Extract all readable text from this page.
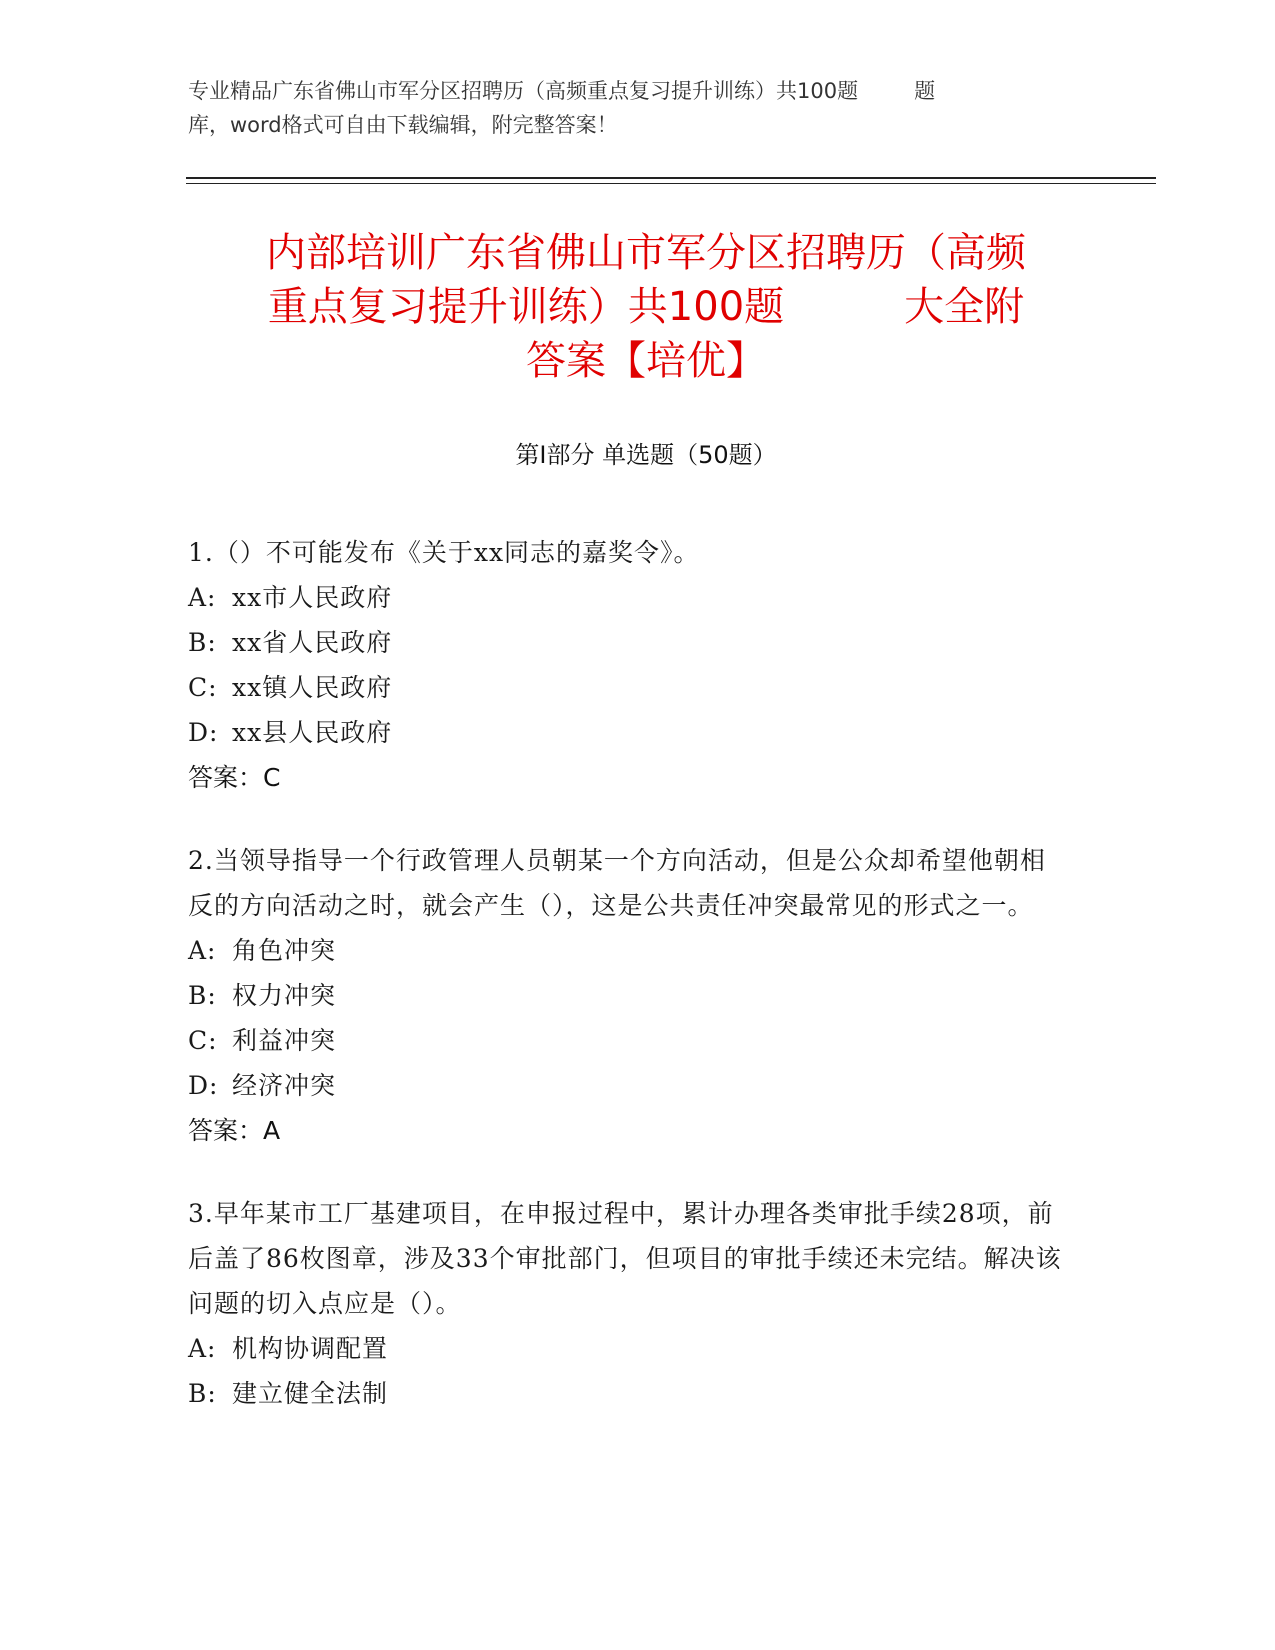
专业精品广东省佛山市军分区招聘历（高频重点复习提升训练）共100题	题
库，word格式可自由下载编辑，附完整答案！
内部培训广东省佛山市军分区招聘历（高频
重点复习提升训练）共100题	大全附
答案【培优】
第Ⅰ部分 单选题（50题）
1.（）不可能发布《关于xx同志的嘉奖令》。
A: xx市人民政府
B: xx省人民政府
C: xx镇人民政府
D: xx县人民政府
答案：C
2.当领导指导一个行政管理人员朝某一个方向活动，但是公众却希望他朝相反的方向活动之时，就会产生（），这是公共责任冲突最常见的形式之一。
A: 角色冲突
B: 权力冲突
C: 利益冲突
D: 经济冲突
答案：A
3.早年某市工厂基建项目，在申报过程中，累计办理各类审批手续28项，前后盖了86枚图章，涉及33个审批部门，但项目的审批手续还未完结。解决该问题的切入点应是（）。
A: 机构协调配置
B: 建立健全法制
